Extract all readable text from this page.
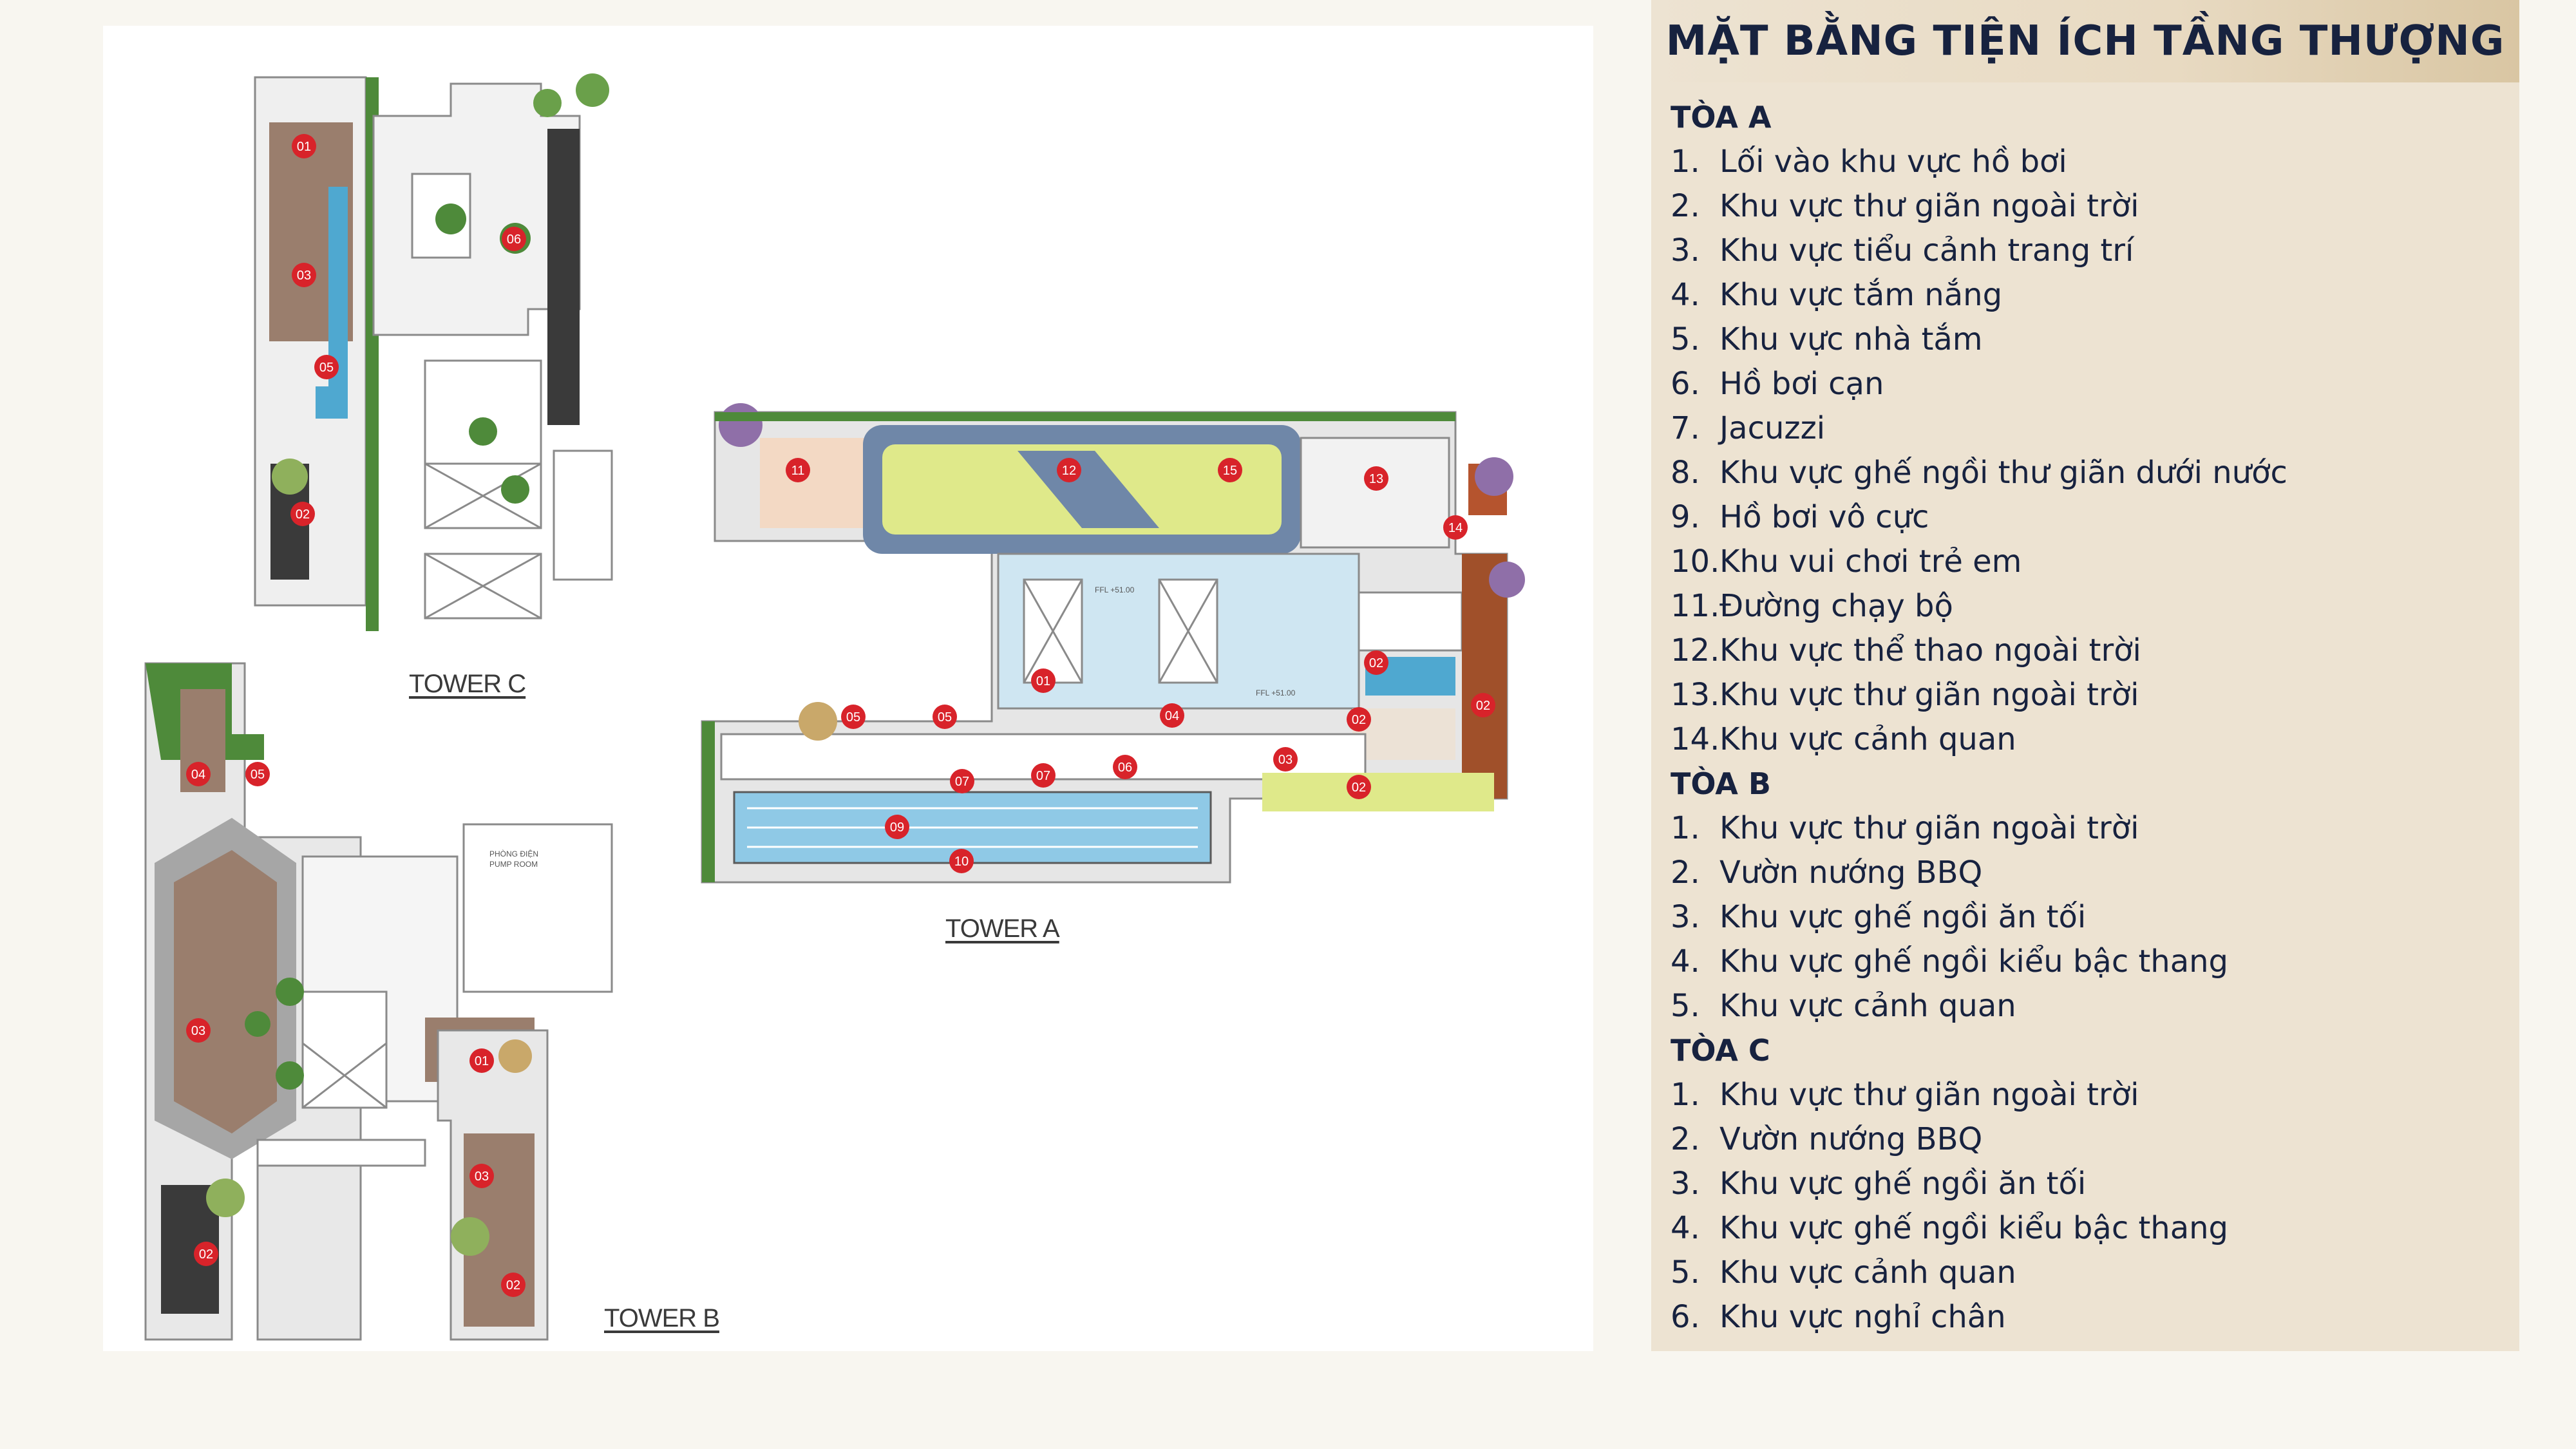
PHÒNG ĐIỆN
PUMP ROOM
FFL +51.00
FFL +51.00
01
03
06
05
02
11	12	15
13
14
01
05	05	04
02
02
02
07	07
06
03
02
09
10
04	05
03
01
03
02
02
TOWER C
TOWER A
TOWER B
MẶT BẰNG TIỆN ÍCH TẦNG THƯỢNG
TÒA A
1. Lối vào khu vực hồ bơi
2. Khu vực thư giãn ngoài trời
3. Khu vực tiểu cảnh trang trí
4. Khu vực tắm nắng
5. Khu vực nhà tắm
6. Hồ bơi cạn
7. Jacuzzi
8. Khu vực ghế ngồi thư giãn dưới nước
9. Hồ bơi vô cực
10. Khu vui chơi trẻ em
11. Đường chạy bộ
12. Khu vực thể thao ngoài trời
13. Khu vực thư giãn ngoài trời
14. Khu vực cảnh quan
TÒA B
1. Khu vực thư giãn ngoài trời
2. Vườn nướng BBQ
3. Khu vực ghế ngồi ăn tối
4. Khu vực ghế ngồi kiểu bậc thang
5. Khu vực cảnh quan
TÒA C
1. Khu vực thư giãn ngoài trời
2. Vườn nướng BBQ
3. Khu vực ghế ngồi ăn tối
4. Khu vực ghế ngồi kiểu bậc thang
5. Khu vực cảnh quan
6. Khu vực nghỉ chân
